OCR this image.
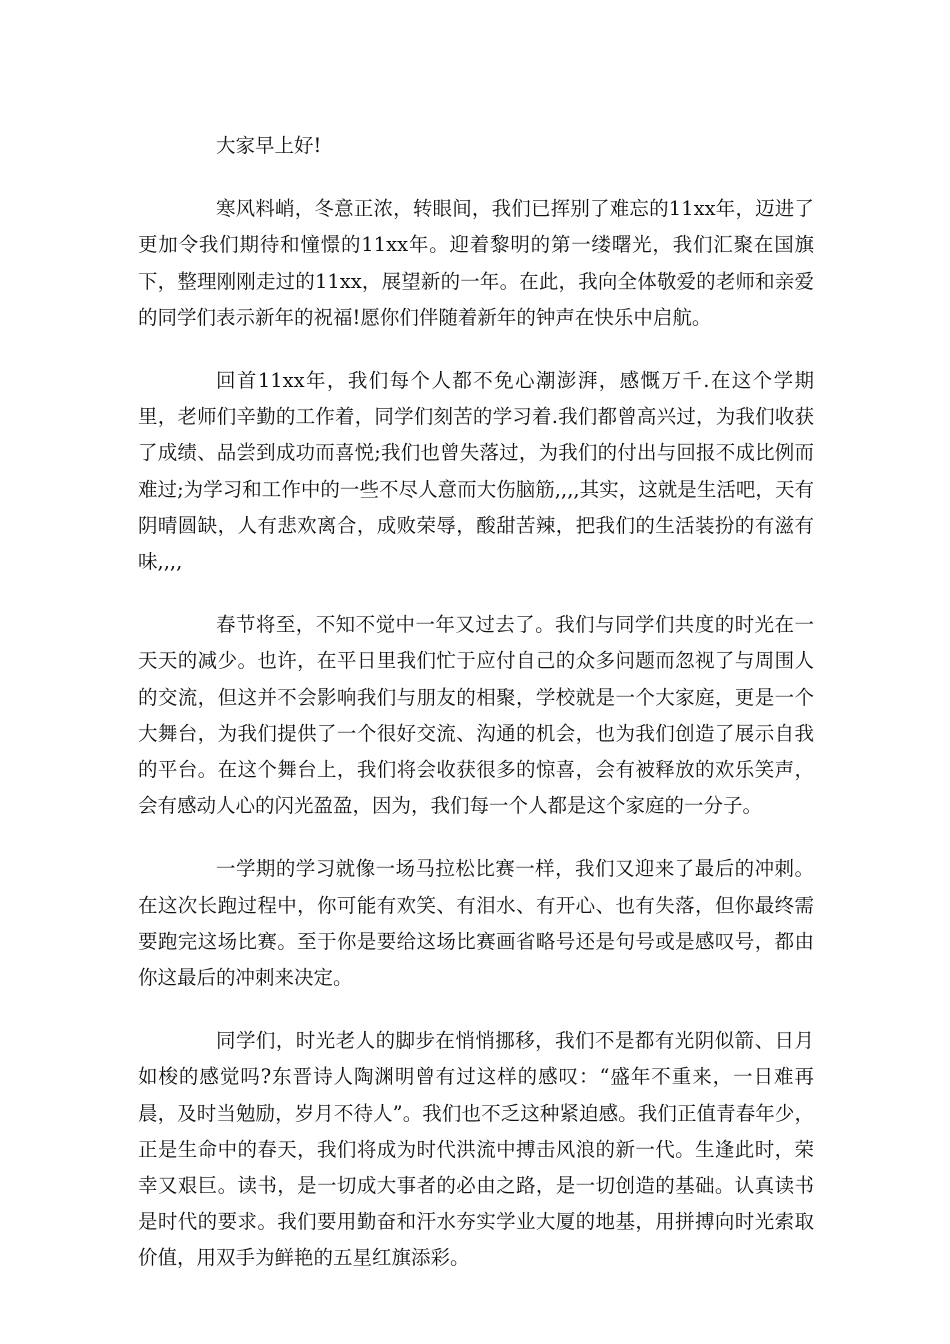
大家早上好!

寒风料峭，冬意正浓，转眼间，我们已挥别了难忘的11xx年，迈进了更加令我们期待和憧憬的11xx年。迎着黎明的第一缕曙光，我们汇聚在国旗下，整理刚刚走过的11xx，展望新的一年。在此，我向全体敬爱的老师和亲爱的同学们表示新年的祝福!愿你们伴随着新年的钟声在快乐中启航。

回首11xx年，我们每个人都不免心潮澎湃，感慨万千.在这个学期里，老师们辛勤的工作着，同学们刻苦的学习着.我们都曾高兴过，为我们收获了成绩、品尝到成功而喜悦;我们也曾失落过，为我们的付出与回报不成比例而难过;为学习和工作中的一些不尽人意而大伤脑筋,,,,其实，这就是生活吧，天有阴晴圆缺，人有悲欢离合，成败荣辱，酸甜苦辣，把我们的生活装扮的有滋有味,,,,

春节将至，不知不觉中一年又过去了。我们与同学们共度的时光在一天天的减少。也许，在平日里我们忙于应付自己的众多问题而忽视了与周围人的交流，但这并不会影响我们与朋友的相聚，学校就是一个大家庭，更是一个大舞台，为我们提供了一个很好交流、沟通的机会，也为我们创造了展示自我的平台。在这个舞台上，我们将会收获很多的惊喜，会有被释放的欢乐笑声，会有感动人心的闪光盈盈，因为，我们每一个人都是这个家庭的一分子。

一学期的学习就像一场马拉松比赛一样，我们又迎来了最后的冲刺。在这次长跑过程中，你可能有欢笑、有泪水、有开心、也有失落，但你最终需要跑完这场比赛。至于你是要给这场比赛画省略号还是句号或是感叹号，都由你这最后的冲刺来决定。

同学们，时光老人的脚步在悄悄挪移，我们不是都有光阴似箭、日月如梭的感觉吗?东晋诗人陶渊明曾有过这样的感叹：“盛年不重来，一日难再晨，及时当勉励，岁月不待人”。我们也不乏这种紧迫感。我们正值青春年少，正是生命中的春天，我们将成为时代洪流中搏击风浪的新一代。生逢此时，荣幸又艰巨。读书，是一切成大事者的必由之路，是一切创造的基础。认真读书是时代的要求。我们要用勤奋和汗水夯实学业大厦的地基，用拼搏向时光索取价值，用双手为鲜艳的五星红旗添彩。
